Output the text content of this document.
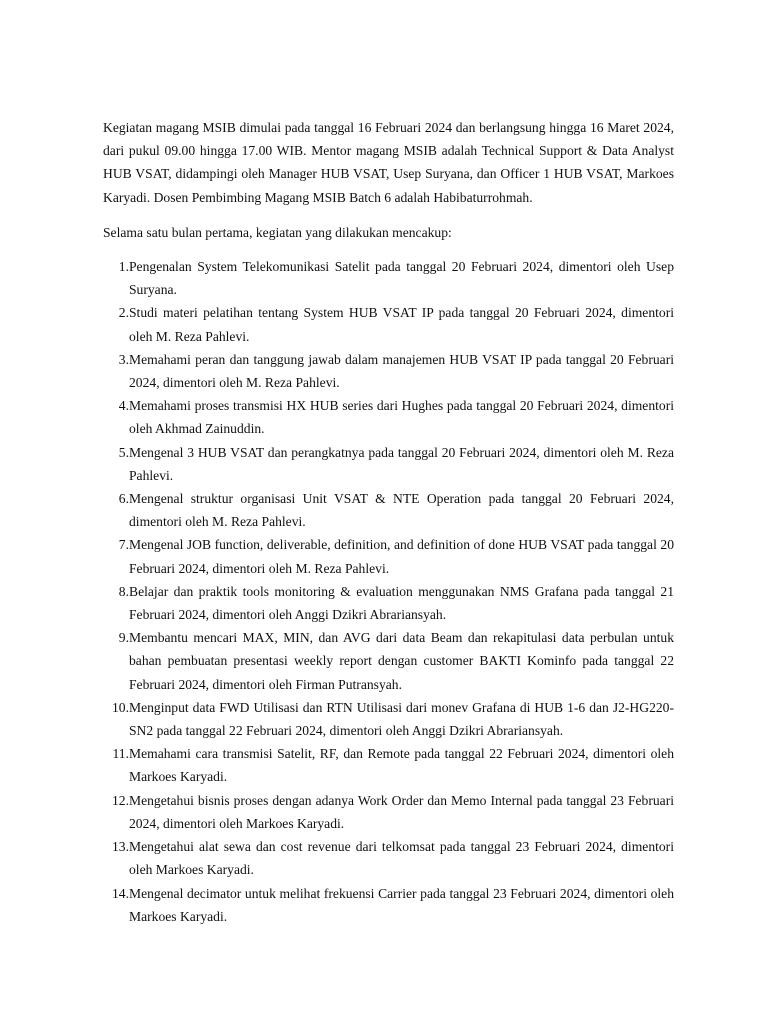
Kegiatan magang MSIB dimulai pada tanggal 16 Februari 2024 dan berlangsung hingga 16 Maret 2024, dari pukul 09.00 hingga 17.00 WIB. Mentor magang MSIB adalah Technical Support & Data Analyst HUB VSAT, didampingi oleh Manager HUB VSAT, Usep Suryana, dan Officer 1 HUB VSAT, Markoes Karyadi. Dosen Pembimbing Magang MSIB Batch 6 adalah Habibaturrohmah.

Selama satu bulan pertama, kegiatan yang dilakukan mencakup:

1. Pengenalan System Telekomunikasi Satelit pada tanggal 20 Februari 2024, dimentori oleh Usep Suryana.
2. Studi materi pelatihan tentang System HUB VSAT IP pada tanggal 20 Februari 2024, dimentori oleh M. Reza Pahlevi.
3. Memahami peran dan tanggung jawab dalam manajemen HUB VSAT IP pada tanggal 20 Februari 2024, dimentori oleh M. Reza Pahlevi.
4. Memahami proses transmisi HX HUB series dari Hughes pada tanggal 20 Februari 2024, dimentori oleh Akhmad Zainuddin.
5. Mengenal 3 HUB VSAT dan perangkatnya pada tanggal 20 Februari 2024, dimentori oleh M. Reza Pahlevi.
6. Mengenal struktur organisasi Unit VSAT & NTE Operation pada tanggal 20 Februari 2024, dimentori oleh M. Reza Pahlevi.
7. Mengenal JOB function, deliverable, definition, and definition of done HUB VSAT pada tanggal 20 Februari 2024, dimentori oleh M. Reza Pahlevi.
8. Belajar dan praktik tools monitoring & evaluation menggunakan NMS Grafana pada tanggal 21 Februari 2024, dimentori oleh Anggi Dzikri Abrariansyah.
9. Membantu mencari MAX, MIN, dan AVG dari data Beam dan rekapitulasi data perbulan untuk bahan pembuatan presentasi weekly report dengan customer BAKTI Kominfo pada tanggal 22 Februari 2024, dimentori oleh Firman Putransyah.
10. Menginput data FWD Utilisasi dan RTN Utilisasi dari monev Grafana di HUB 1-6 dan J2-HG220-SN2 pada tanggal 22 Februari 2024, dimentori oleh Anggi Dzikri Abrariansyah.
11. Memahami cara transmisi Satelit, RF, dan Remote pada tanggal 22 Februari 2024, dimentori oleh Markoes Karyadi.
12. Mengetahui bisnis proses dengan adanya Work Order dan Memo Internal pada tanggal 23 Februari 2024, dimentori oleh Markoes Karyadi.
13. Mengetahui alat sewa dan cost revenue dari telkomsat pada tanggal 23 Februari 2024, dimentori oleh Markoes Karyadi.
14. Mengenal decimator untuk melihat frekuensi Carrier pada tanggal 23 Februari 2024, dimentori oleh Markoes Karyadi.
